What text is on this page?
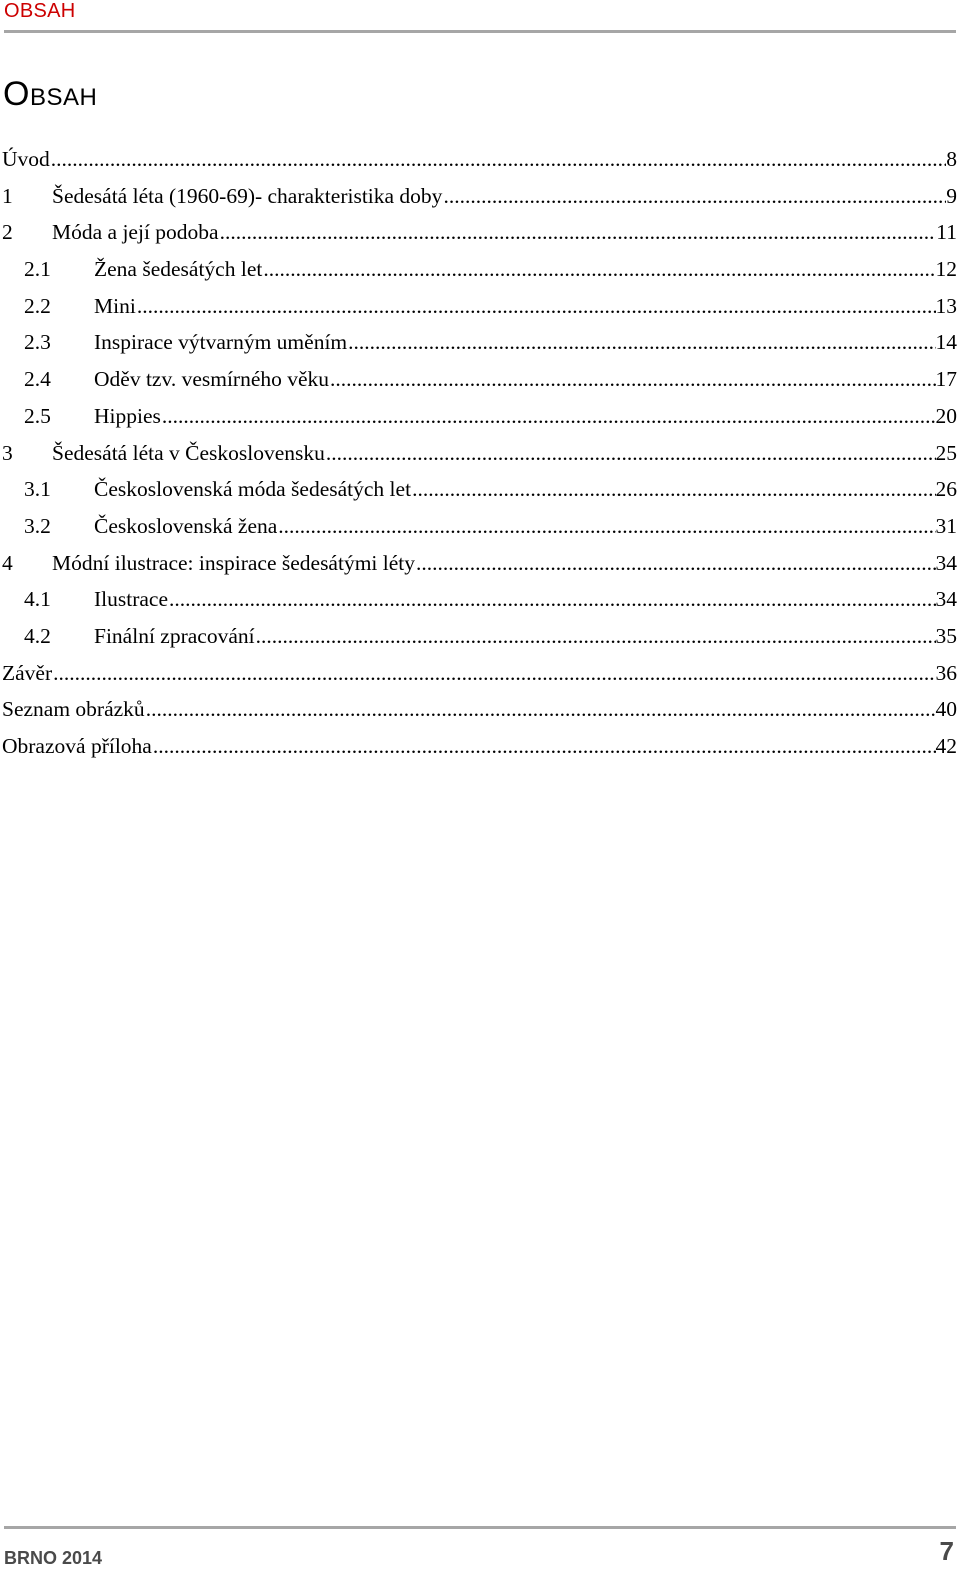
OBSAH
Obsah
Úvod .....	8
1	Šedesátá léta (1960-69)- charakteristika doby .....	9
2	Móda a její podoba .....	11
2.1	Žena šedesátých let .....	12
2.2	Mini .....	13
2.3	Inspirace výtvarným uměním .....	14
2.4	Oděv tzv. vesmírného věku .....	17
2.5	Hippies .....	20
3	Šedesátá léta v Československu .....	25
3.1	Československá móda šedesátých let .....	26
3.2	Československá žena .....	31
4	Módní ilustrace: inspirace šedesátými léty .....	34
4.1	Ilustrace .....	34
4.2	Finální zpracování .....	35
Závěr .....	36
Seznam obrázků .....	40
Obrazová příloha .....	42
BRNO 2014	7
